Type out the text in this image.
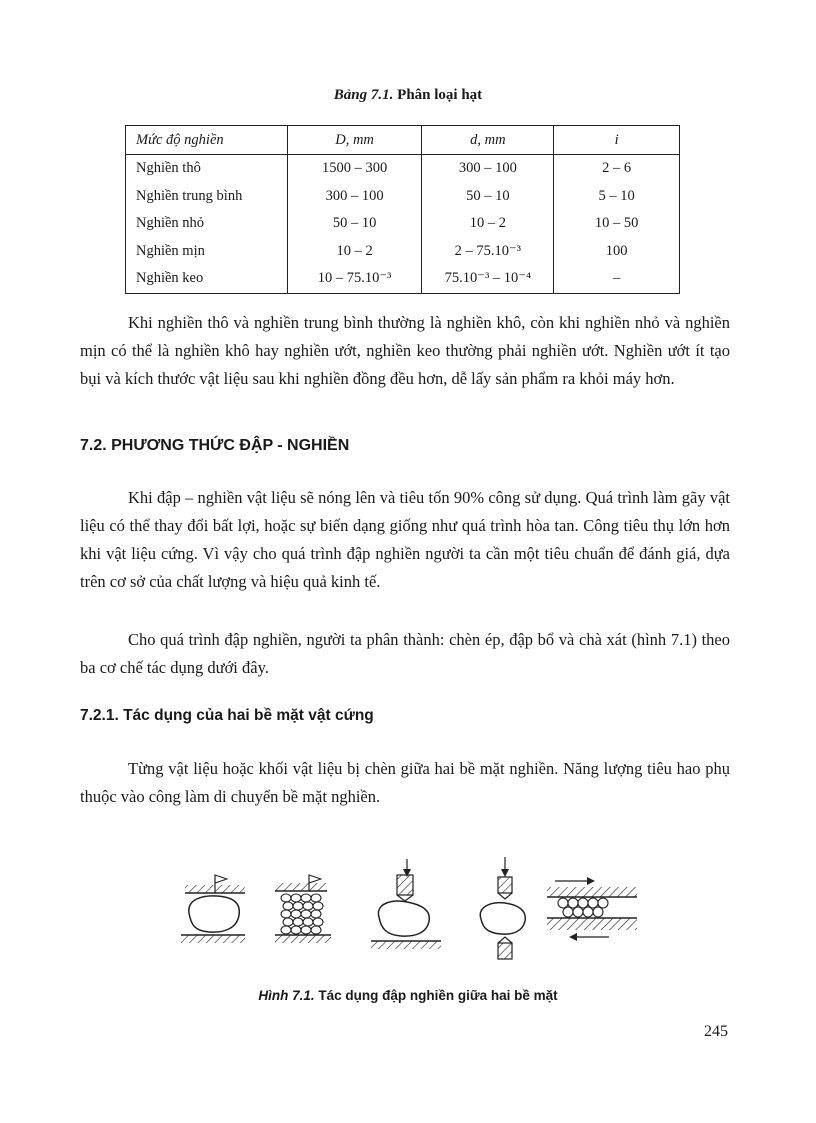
Bảng 7.1. Phân loại hạt
Mức độ nghiền	D, mm	d, mm	i
Nghiền thô	1500 – 300	300 – 100	2 – 6
Nghiền trung bình	300 – 100	50 – 10	5 – 10
Nghiền nhỏ	50 – 10	10 – 2	10 – 50
Nghiền mịn	10 – 2	2 – 75.10⁻³	100
Nghiền keo	10 – 75.10⁻³	75.10⁻³ – 10⁻⁴	–

Khi nghiền thô và nghiền trung bình thường là nghiền khô, còn khi nghiền nhỏ và nghiền mịn có thể là nghiền khô hay nghiền ướt, nghiền keo thường phải nghiền ướt. Nghiền ướt ít tạo bụi và kích thước vật liệu sau khi nghiền đồng đều hơn, dễ lấy sản phẩm ra khỏi máy hơn.

7.2. PHƯƠNG THỨC ĐẬP - NGHIỀN

Khi đập – nghiền vật liệu sẽ nóng lên và tiêu tốn 90% công sử dụng. Quá trình làm gãy vật liệu có thể thay đổi bất lợi, hoặc sự biến dạng giống như quá trình hòa tan. Công tiêu thụ lớn hơn khi vật liệu cứng. Vì vậy cho quá trình đập nghiền người ta cần một tiêu chuẩn để đánh giá, dựa trên cơ sở của chất lượng và hiệu quả kinh tế.

Cho quá trình đập nghiền, người ta phân thành: chèn ép, đập bổ và chà xát (hình 7.1) theo ba cơ chế tác dụng dưới đây.

7.2.1. Tác dụng của hai bề mặt vật cứng

Từng vật liệu hoặc khối vật liệu bị chèn giữa hai bề mặt nghiền. Năng lượng tiêu hao phụ thuộc vào công làm di chuyển bề mặt nghiền.

Hình 7.1. Tác dụng đập nghiền giữa hai bề mặt
245
